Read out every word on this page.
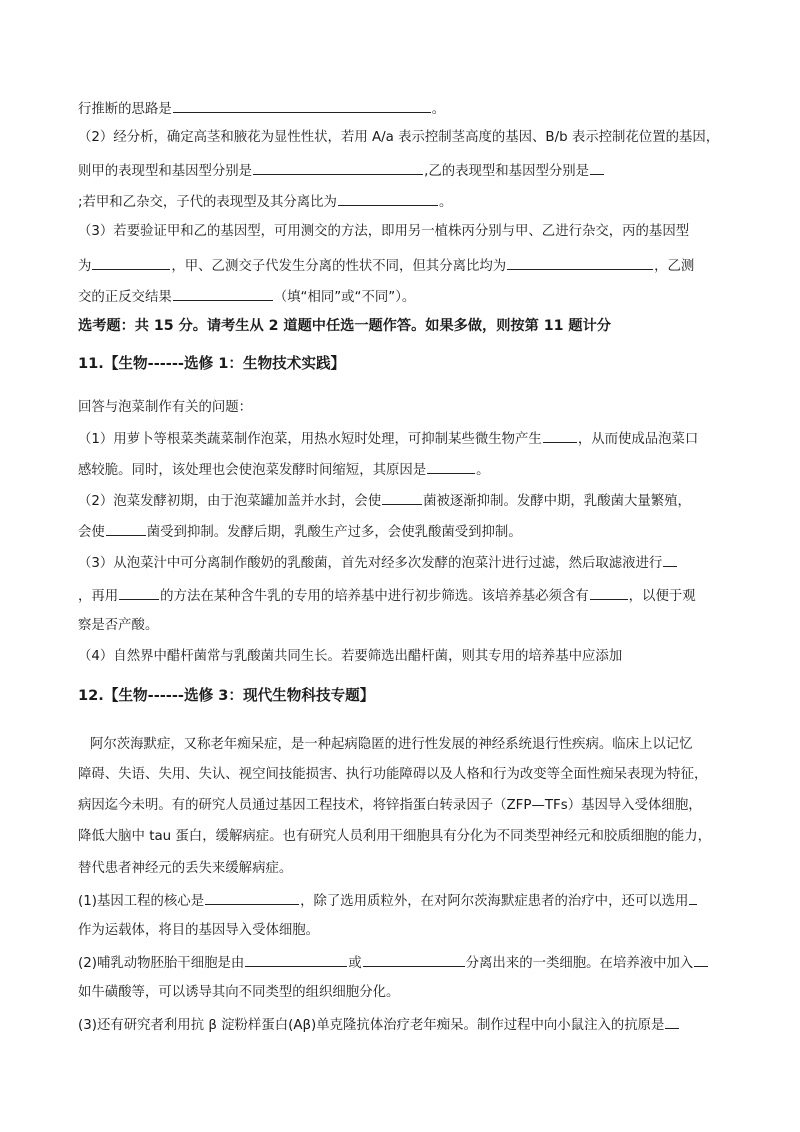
行推断的思路是	。
（2）经分析，确定高茎和腋花为显性性状，若用 A/a 表示控制茎高度的基因、B/b 表示控制花位置的基因，
则甲的表现型和基因型分别是	,乙的表现型和基因型分别是
;若甲和乙杂交，子代的表现型及其分离比为	。
（3）若要验证甲和乙的基因型，可用测交的方法，即用另一植株丙分别与甲、乙进行杂交，丙的基因型
为	，甲、乙测交子代发生分离的性状不同，但其分离比均为	，乙测
交的正反交结果	（填“相同”或“不同”）。
选考题：共 15 分。请考生从 2 道题中任选一题作答。如果多做，则按第 11 题计分
11.【生物------选修 1：生物技术实践】
回答与泡菜制作有关的问题：
（1）用萝卜等根菜类蔬菜制作泡菜，用热水短时处理，可抑制某些微生物产生	，从而使成品泡菜口
感较脆。同时，该处理也会使泡菜发酵时间缩短，其原因是	。
（2）泡菜发酵初期，由于泡菜罐加盖并水封，会使	菌被逐渐抑制。发酵中期，乳酸菌大量繁殖，
会使	菌受到抑制。发酵后期，乳酸生产过多，会使乳酸菌受到抑制。
（3）从泡菜汁中可分离制作酸奶的乳酸菌，首先对经多次发酵的泡菜汁进行过滤，然后取滤液进行
，再用	的方法在某种含牛乳的专用的培养基中进行初步筛选。该培养基必须含有	，以便于观
察是否产酸。
（4）自然界中醋杆菌常与乳酸菌共同生长。若要筛选出醋杆菌，则其专用的培养基中应添加
12.【生物------选修 3：现代生物科技专题】
阿尔茨海默症，又称老年痴呆症，是一种起病隐匿的进行性发展的神经系统退行性疾病。临床上以记忆
障碍、失语、失用、失认、视空间技能损害、执行功能障碍以及人格和行为改变等全面性痴呆表现为特征，
病因迄今未明。有的研究人员通过基因工程技术，将锌指蛋白转录因子（ZFP—TFs）基因导入受体细胞，
降低大脑中 tau 蛋白，缓解病症。也有研究人员利用干细胞具有分化为不同类型神经元和胶质细胞的能力，
替代患者神经元的丢失来缓解病症。
(1)基因工程的核心是	，除了选用质粒外，在对阿尔茨海默症患者的治疗中，还可以选用
作为运载体，将目的基因导入受体细胞。
(2)哺乳动物胚胎干细胞是由	或	分离出来的一类细胞。在培养液中加入
如牛磺酸等，可以诱导其向不同类型的组织细胞分化。
(3)还有研究者利用抗 β 淀粉样蛋白(Aβ)单克隆抗体治疗老年痴呆。制作过程中向小鼠注入的抗原是
